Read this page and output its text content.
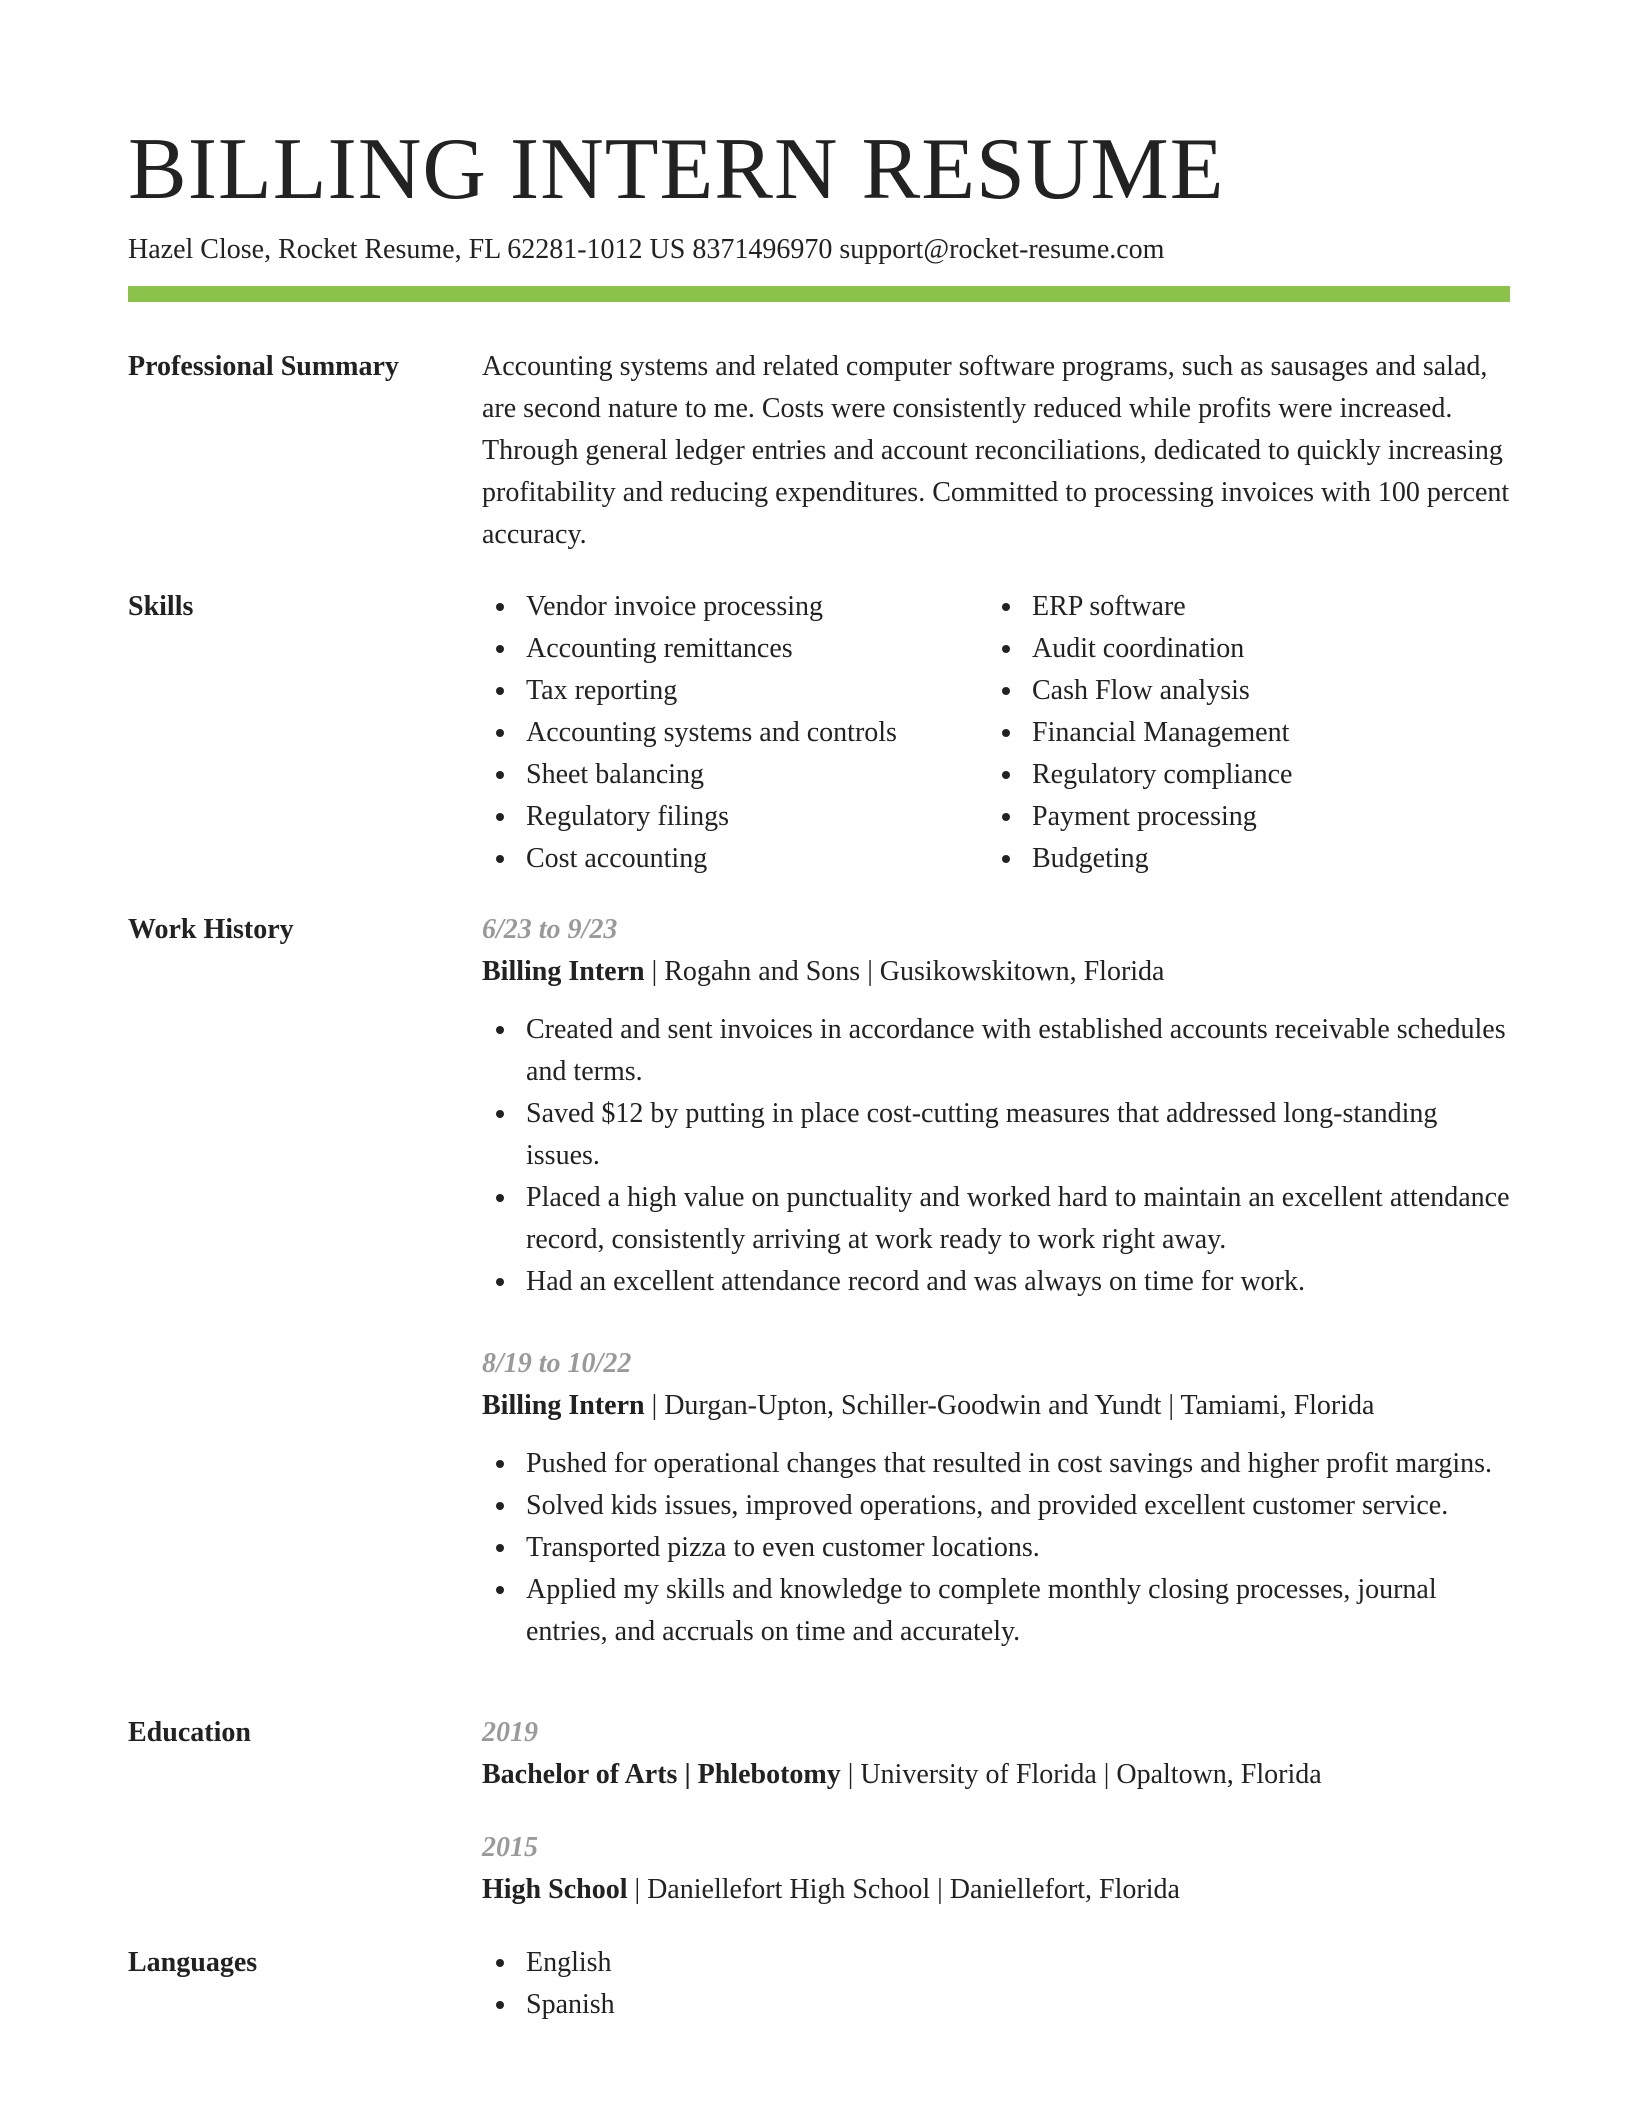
BILLING INTERN RESUME
Hazel Close, Rocket Resume, FL 62281-1012 US 8371496970 support@rocket-resume.com
Professional Summary	Accounting systems and related computer software programs, such as sausages and salad, are second nature to me. Costs were consistently reduced while profits were increased. Through general ledger entries and account reconciliations, dedicated to quickly increasing profitability and reducing expenditures. Committed to processing invoices with 100 percent accuracy.

Skills	Vendor invoice processing
Accounting remittances
Tax reporting
Accounting systems and controls
Sheet balancing
Regulatory filings
Cost accounting
ERP software
Audit coordination
Cash Flow analysis
Financial Management
Regulatory compliance
Payment processing
Budgeting
Work History	6/23 to 9/23
Billing Intern | Rogahn and Sons | Gusikowskitown, Florida
Created and sent invoices in accordance with established accounts receivable schedules and terms.
Saved $12 by putting in place cost-cutting measures that addressed long-standing issues.
Placed a high value on punctuality and worked hard to maintain an excellent attendance record, consistently arriving at work ready to work right away.
Had an excellent attendance record and was always on time for work.
8/19 to 10/22
Billing Intern | Durgan-Upton, Schiller-Goodwin and Yundt | Tamiami, Florida
Pushed for operational changes that resulted in cost savings and higher profit margins.
Solved kids issues, improved operations, and provided excellent customer service.
Transported pizza to even customer locations.
Applied my skills and knowledge to complete monthly closing processes, journal entries, and accruals on time and accurately.
Education	2019
Bachelor of Arts | Phlebotomy | University of Florida | Opaltown, Florida
2015
High School | Daniellefort High School | Daniellefort, Florida
Languages	English
Spanish
